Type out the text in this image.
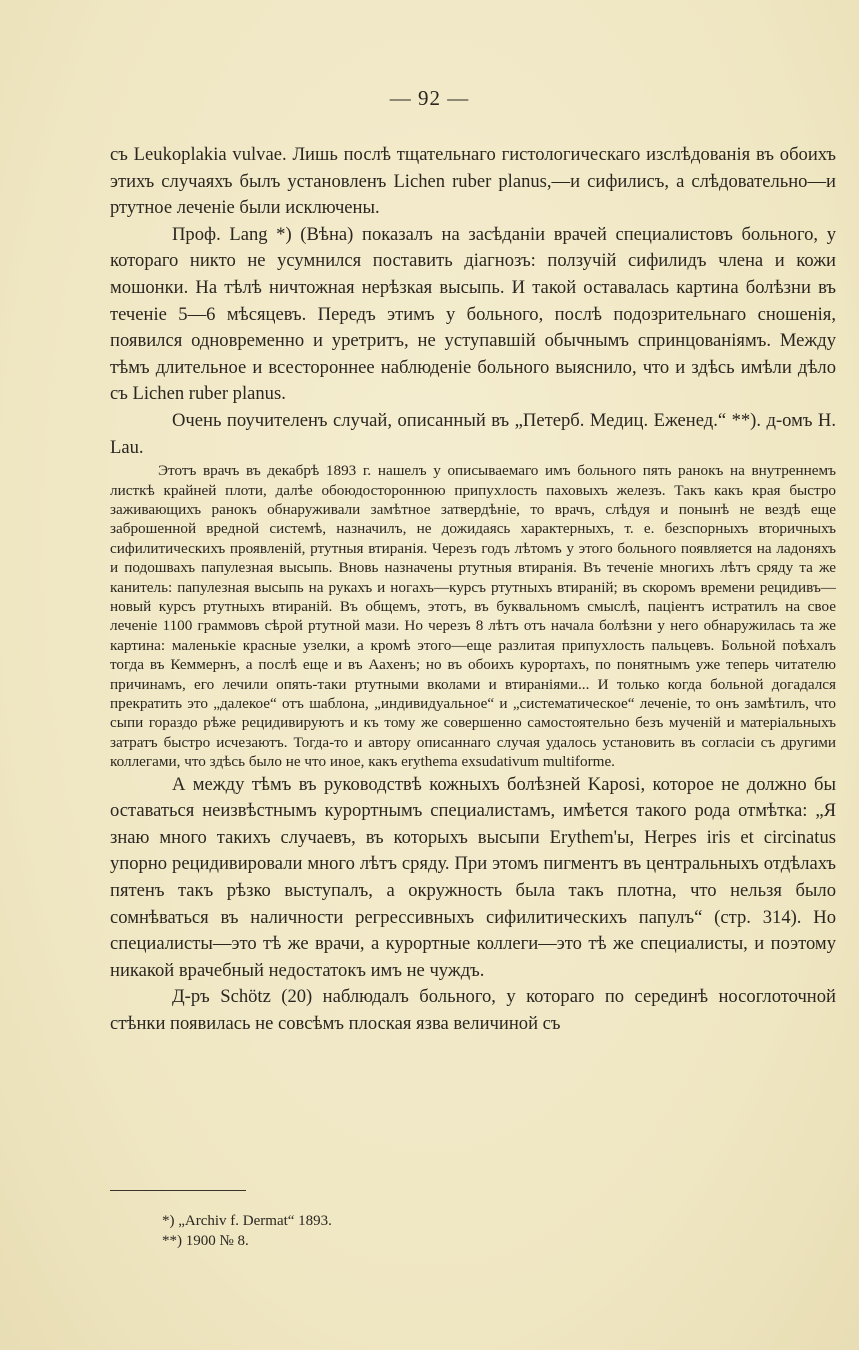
— 92 —

съ Leukoplakia vulvae. Лишь послѣ тщательнаго гистологическаго изслѣдованія въ обоихъ этихъ случаяхъ былъ установленъ Lichen ruber planus,—и сифилисъ, а слѣдовательно—и ртутное леченіе были исключены.

Проф. Lang *) (Вѣна) показалъ на засѣданіи врачей специалистовъ больного, у котораго никто не усумнился поставить діагнозъ: ползучій сифилидъ члена и кожи мошонки. На тѣлѣ ничтожная нерѣзкая высыпь. И такой оставалась картина болѣзни въ теченіе 5—6 мѣсяцевъ. Передъ этимъ у больного, послѣ подозрительнаго сношенія, появился одновременно и уретритъ, не уступавшій обычнымъ спринцованіямъ. Между тѣмъ длительное и всестороннее наблюденіе больного выяснило, что и здѣсь имѣли дѣло съ Lichen ruber planus.

Очень поучителенъ случай, описанный въ „Петерб. Медиц. Еженед.“ **). д-омъ Н. Lau.

Этотъ врачъ въ декабрѣ 1893 г. нашелъ у описываемаго имъ больного пять ранокъ на внутреннемъ листкѣ крайней плоти, далѣе обоюдостороннюю припухлость паховыхъ железъ. Такъ какъ края быстро заживающихъ ранокъ обнаруживали замѣтное затвердѣніе, то врачъ, слѣдуя и понынѣ не вездѣ еще заброшенной вредной системѣ, назначилъ, не дожидаясь характерныхъ, т. е. безспорныхъ вторичныхъ сифилитическихъ проявленій, ртутныя втиранія. Черезъ годъ лѣтомъ у этого больного появляется на ладоняхъ и подошвахъ папулезная высыпь. Вновь назначены ртутныя втиранія. Въ теченіе многихъ лѣтъ сряду та же канитель: папулезная высыпь на рукахъ и ногахъ—курсъ ртутныхъ втираній; въ скоромъ времени рецидивъ—новый курсъ ртутныхъ втираній. Въ общемъ, этотъ, въ буквальномъ смыслѣ, паціентъ истратилъ на свое леченіе 1100 граммовъ сѣрой ртутной мази. Но черезъ 8 лѣтъ отъ начала болѣзни у него обнаружилась та же картина: маленькіе красные узелки, а кромѣ этого—еще разлитая припухлость пальцевъ. Больной поѣхалъ тогда въ Кеммернъ, а послѣ еще и въ Аахенъ; но въ обоихъ курортахъ, по понятнымъ уже теперь читателю причинамъ, его лечили опять-таки ртутными вколами и втираніями... И только когда больной догадался прекратить это „далекое“ отъ шаблона, „индивидуальное“ и „систематическое“ леченіе, то онъ замѣтилъ, что сыпи гораздо рѣже рецидивируютъ и къ тому же совершенно самостоятельно безъ мученій и матеріальныхъ затратъ быстро исчезаютъ. Тогда-то и автору описаннаго случая удалось установить въ согласіи съ другими коллегами, что здѣсь было не что иное, какъ erythema exsudativum multiforme.

А между тѣмъ въ руководствѣ кожныхъ болѣзней Kaposi, которое не должно бы оставаться неизвѣстнымъ курортнымъ специалистамъ, имѣется такого рода отмѣтка: „Я знаю много такихъ случаевъ, въ которыхъ высыпи Erythem'ы, Herpes iris et circinatus упорно рецидивировали много лѣтъ сряду. При этомъ пигментъ въ центральныхъ отдѣлахъ пятенъ такъ рѣзко выступалъ, а окружность была такъ плотна, что нельзя было сомнѣваться въ наличности регрессивныхъ сифилитическихъ папулъ“ (стр. 314). Но специалисты—это тѣ же врачи, а курортные коллеги—это тѣ же специалисты, и поэтому никакой врачебный недостатокъ имъ не чуждъ.

Д-ръ Schötz (20) наблюдалъ больного, у котораго по серединѣ носоглоточной стѣнки появилась не совсѣмъ плоская язва величиной съ

*) „Archiv f. Dermat“ 1893.
**) 1900 № 8.
